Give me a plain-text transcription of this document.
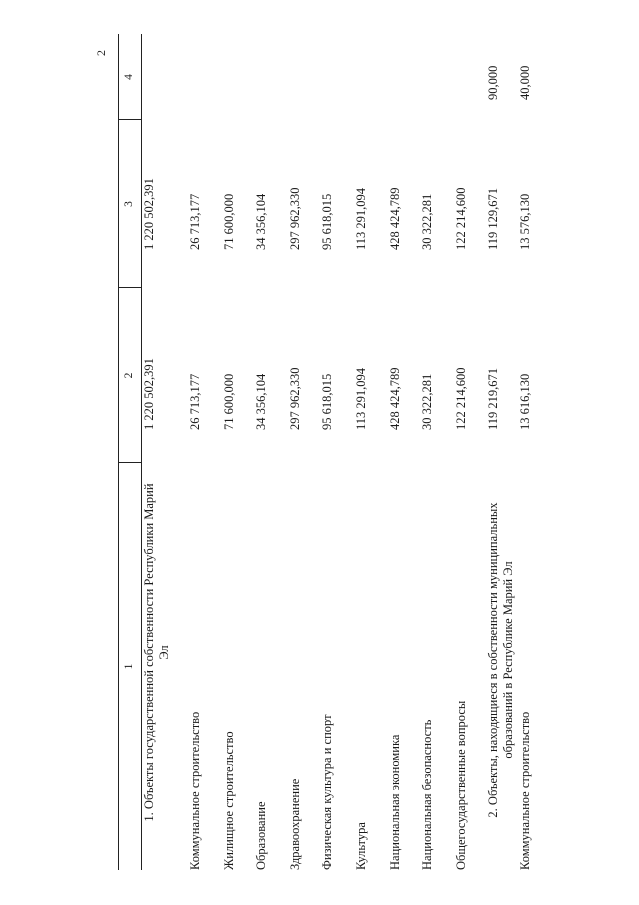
2
1
2
3
4
1. Объекты государственной собственности Республики Марий Эл
1 220 502,391
1 220 502,391
Коммунальное строительство
26 713,177
26 713,177
Жилищное строительство
71 600,000
71 600,000
Образование
34 356,104
34 356,104
Здравоохранение
297 962,330
297 962,330
Физическая культура и спорт
95 618,015
95 618,015
Культура
113 291,094
113 291,094
Национальная экономика
428 424,789
428 424,789
Национальная безопасность
30 322,281
30 322,281
Общегосударственные вопросы
122 214,600
122 214,600
2. Объекты, находящиеся в собственности муниципальных образований в Республике Марий Эл
119 219,671
119 129,671
90,000
Коммунальное строительство
13 616,130
13 576,130
40,000
